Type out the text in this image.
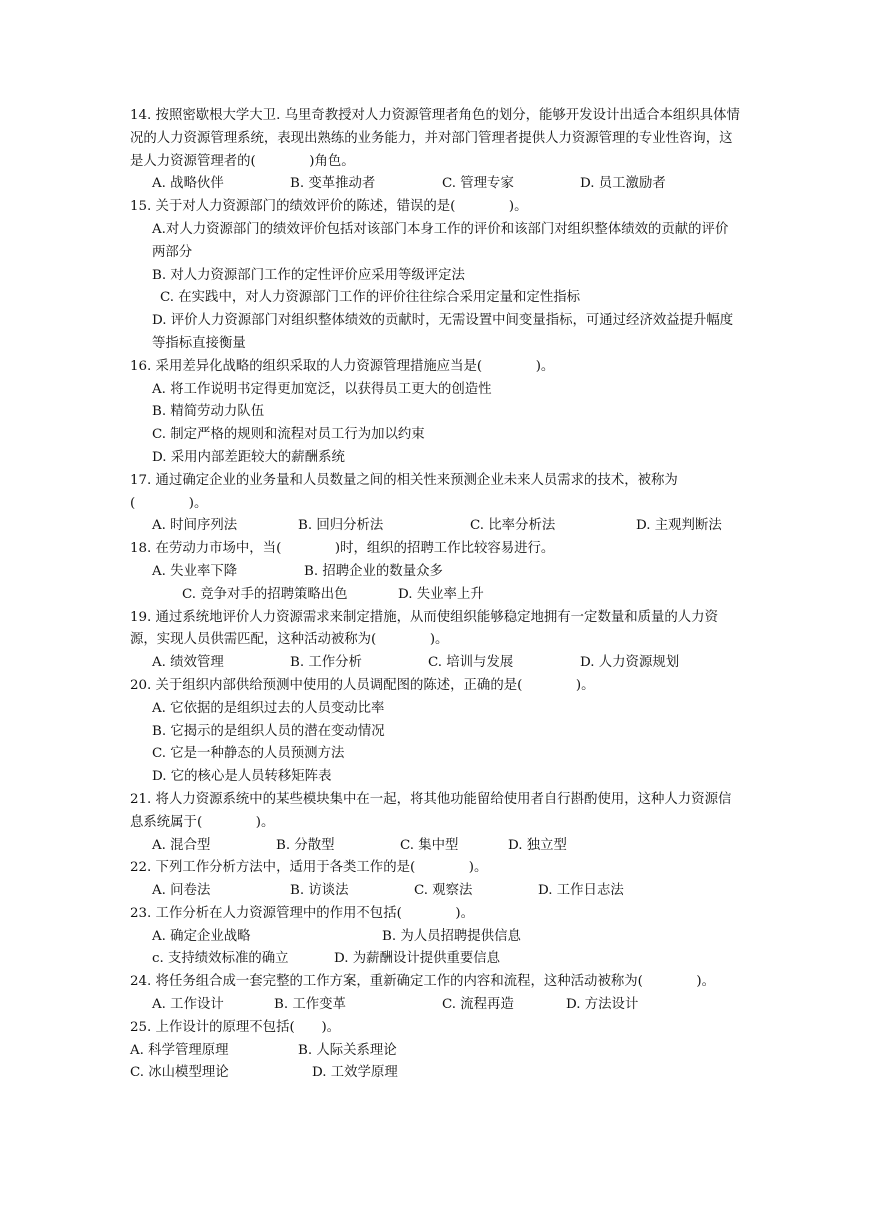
14. 按照密歇根大学大卫. 乌里奇教授对人力资源管理者角色的划分，能够开发设计出适合本组织具体情况的人力资源管理系统，表现出熟练的业务能力，并对部门管理者提供人力资源管理的专业性咨询，这是人力资源管理者的(　　　　)角色。
A. 战略伙伴	B. 变革推动者	C. 管理专家	D. 员工激励者
15. 关于对人力资源部门的绩效评价的陈述，错误的是(　　　　)。
A.对人力资源部门的绩效评价包括对该部门本身工作的评价和该部门对组织整体绩效的贡献的评价两部分
B. 对人力资源部门工作的定性评价应采用等级评定法
C. 在实践中，对人力资源部门工作的评价往往综合采用定量和定性指标
D. 评价人力资源部门对组织整体绩效的贡献时，无需设置中间变量指标，可通过经济效益提升幅度等指标直接衡量
16. 采用差异化战略的组织采取的人力资源管理措施应当是(　　　　)。
A. 将工作说明书定得更加宽泛，以获得员工更大的创造性
B. 精简劳动力队伍
C. 制定严格的规则和流程对员工行为加以约束
D. 采用内部差距较大的薪酬系统
17. 通过确定企业的业务量和人员数量之间的相关性来预测企业未来人员需求的技术，被称为(　　　　)。
A. 时间序列法	B. 回归分析法	C. 比率分析法	D. 主观判断法
18. 在劳动力市场中，当(　　　　)时，组织的招聘工作比较容易进行。
A. 失业率下降	B. 招聘企业的数量众多
C. 竞争对手的招聘策略出色	D. 失业率上升
19. 通过系统地评价人力资源需求来制定措施，从而使组织能够稳定地拥有一定数量和质量的人力资源，实现人员供需匹配，这种活动被称为(　　　　)。
A. 绩效管理	B. 工作分析	C. 培训与发展	D. 人力资源规划
20. 关于组织内部供给预测中使用的人员调配图的陈述，正确的是(　　　　)。
A. 它依据的是组织过去的人员变动比率
B. 它揭示的是组织人员的潜在变动情况
C. 它是一种静态的人员预测方法
D. 它的核心是人员转移矩阵表
21. 将人力资源系统中的某些模块集中在一起，将其他功能留给使用者自行斟酌使用，这种人力资源信息系统属于(　　　　)。
A. 混合型	B. 分散型	C. 集中型	D. 独立型
22. 下列工作分析方法中，适用于各类工作的是(　　　　)。
A. 问卷法	B. 访谈法	C. 观察法	D. 工作日志法
23. 工作分析在人力资源管理中的作用不包括(　　　　)。
A. 确定企业战略	B. 为人员招聘提供信息
c. 支持绩效标准的确立	D. 为薪酬设计提供重要信息
24. 将任务组合成一套完整的工作方案，重新确定工作的内容和流程，这种活动被称为(　　　　)。
A. 工作设计	B. 工作变革	C. 流程再造	D. 方法设计
25. 上作设计的原理不包括(　　)。
A. 科学管理原理	B. 人际关系理论
C. 冰山模型理论	D. 工效学原理
